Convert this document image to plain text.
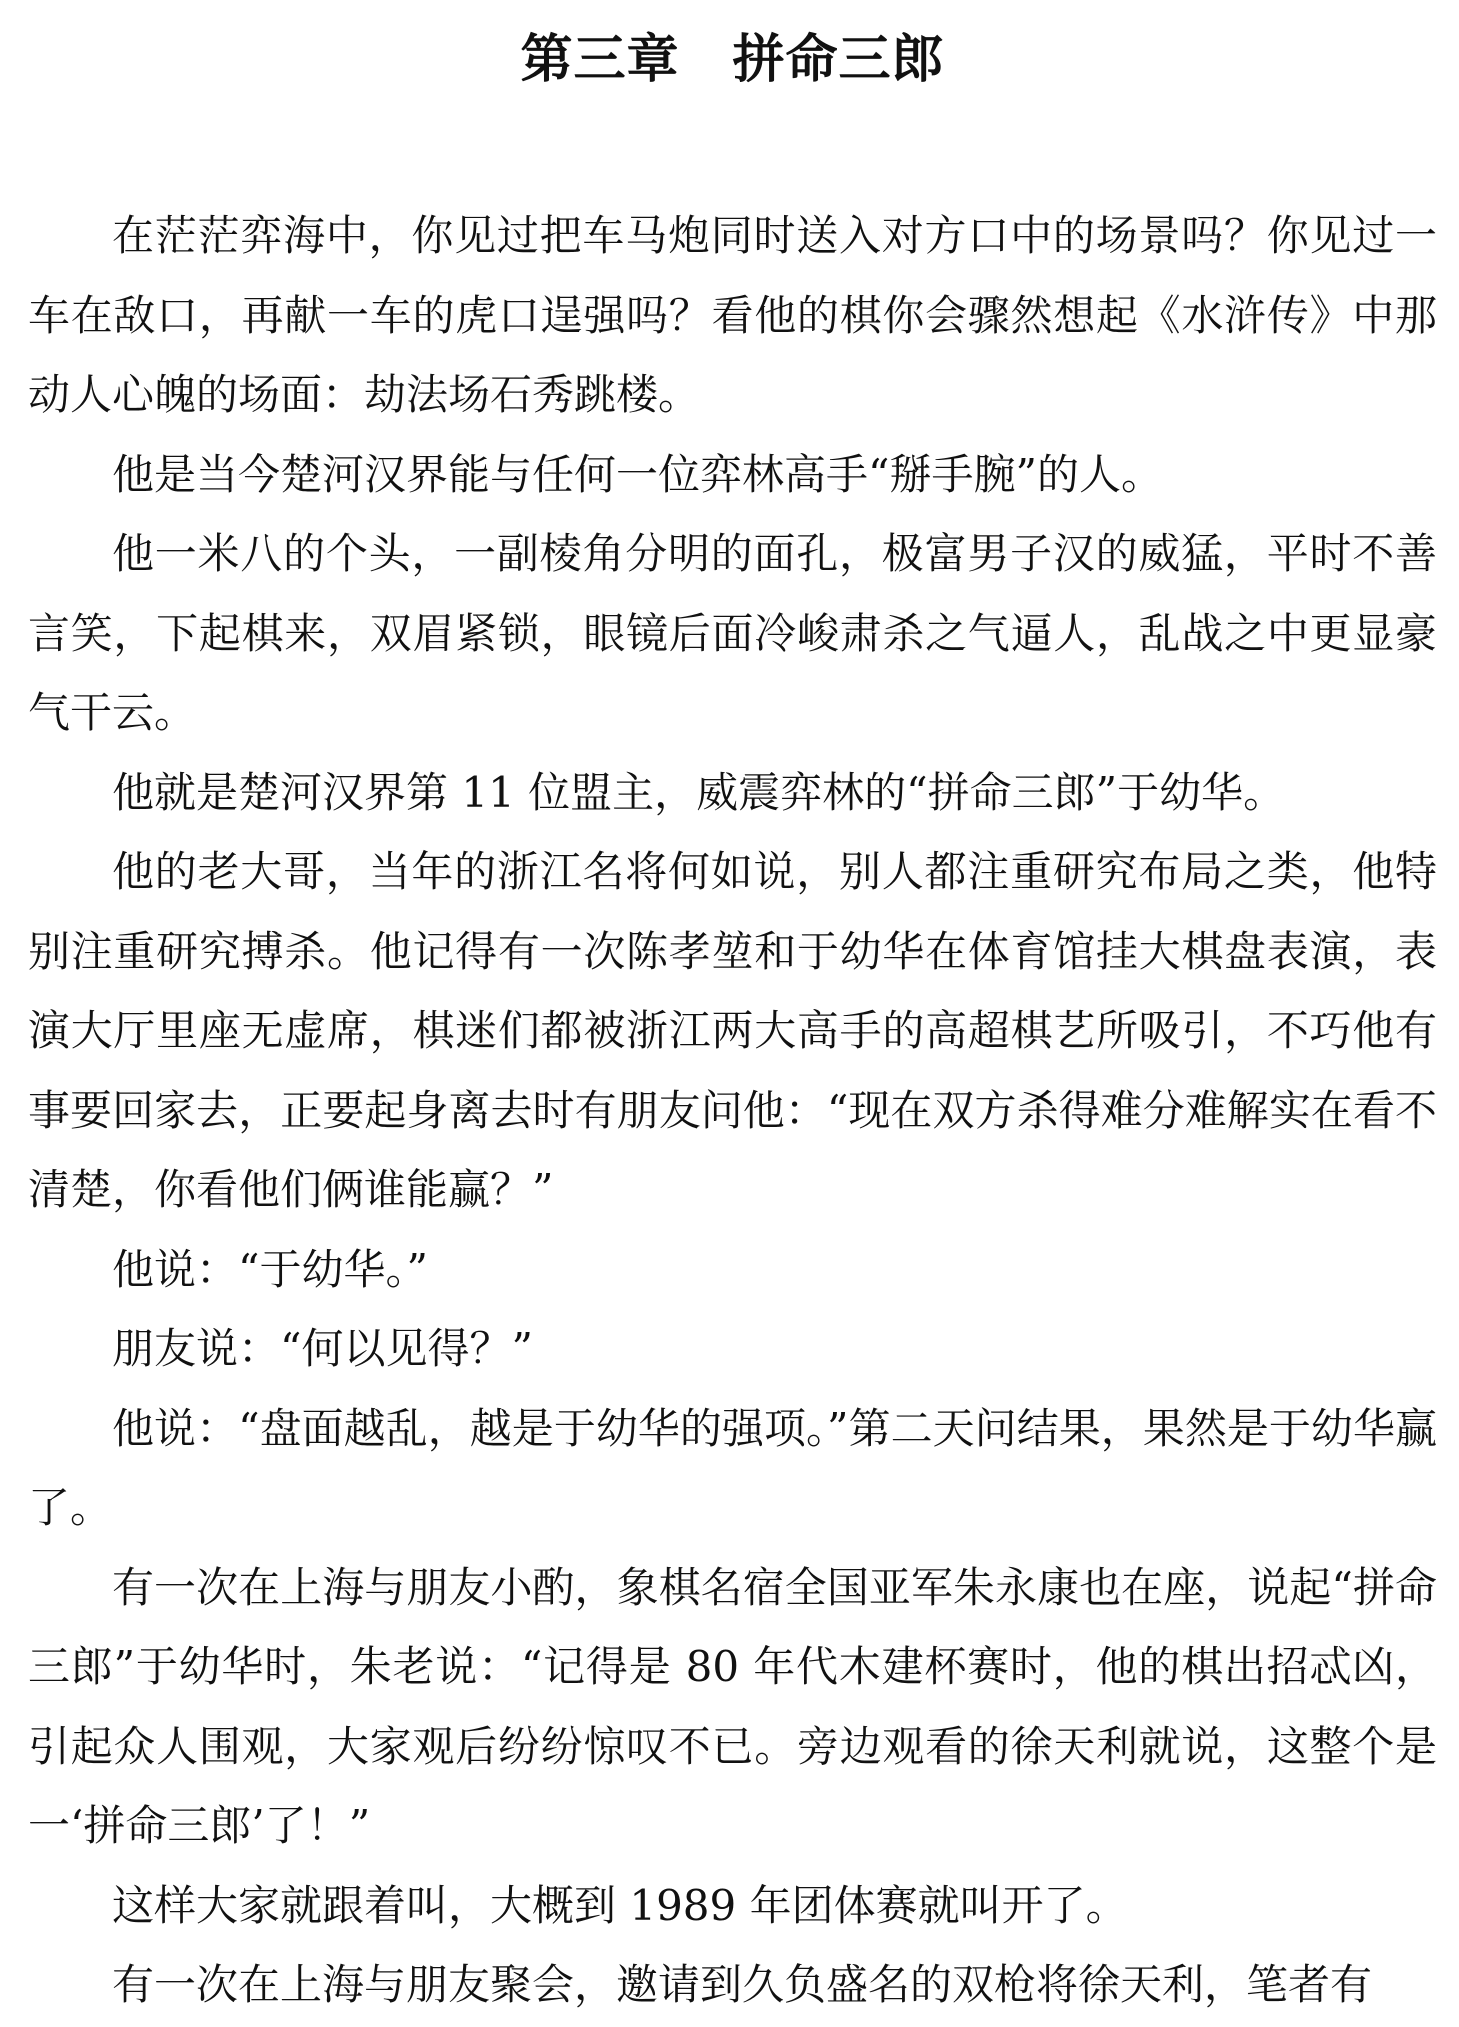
第三章　拼命三郎

在茫茫弈海中，你见过把车马炮同时送入对方口中的场景吗？你见过一车在敌口，再献一车的虎口逞强吗？看他的棋你会骤然想起《水浒传》中那动人心魄的场面：劫法场石秀跳楼。

他是当今楚河汉界能与任何一位弈林高手“掰手腕”的人。

他一米八的个头，一副棱角分明的面孔，极富男子汉的威猛，平时不善言笑，下起棋来，双眉紧锁，眼镜后面冷峻肃杀之气逼人，乱战之中更显豪气干云。

他就是楚河汉界第 11 位盟主，威震弈林的“拼命三郎”于幼华。

他的老大哥，当年的浙江名将何如说，别人都注重研究布局之类，他特别注重研究搏杀。他记得有一次陈孝堃和于幼华在体育馆挂大棋盘表演，表演大厅里座无虚席，棋迷们都被浙江两大高手的高超棋艺所吸引，不巧他有事要回家去，正要起身离去时有朋友问他：“现在双方杀得难分难解实在看不清楚，你看他们俩谁能赢？”

他说：“于幼华。”

朋友说：“何以见得？”

他说：“盘面越乱，越是于幼华的强项。”第二天问结果，果然是于幼华赢了。

有一次在上海与朋友小酌，象棋名宿全国亚军朱永康也在座，说起“拼命三郎”于幼华时，朱老说：“记得是 80 年代木建杯赛时，他的棋出招忒凶，引起众人围观，大家观后纷纷惊叹不已。旁边观看的徐天利就说，这整个是一‘拼命三郎’了！”

这样大家就跟着叫，大概到 1989 年团体赛就叫开了。

有一次在上海与朋友聚会，邀请到久负盛名的双枪将徐天利，笔者有
